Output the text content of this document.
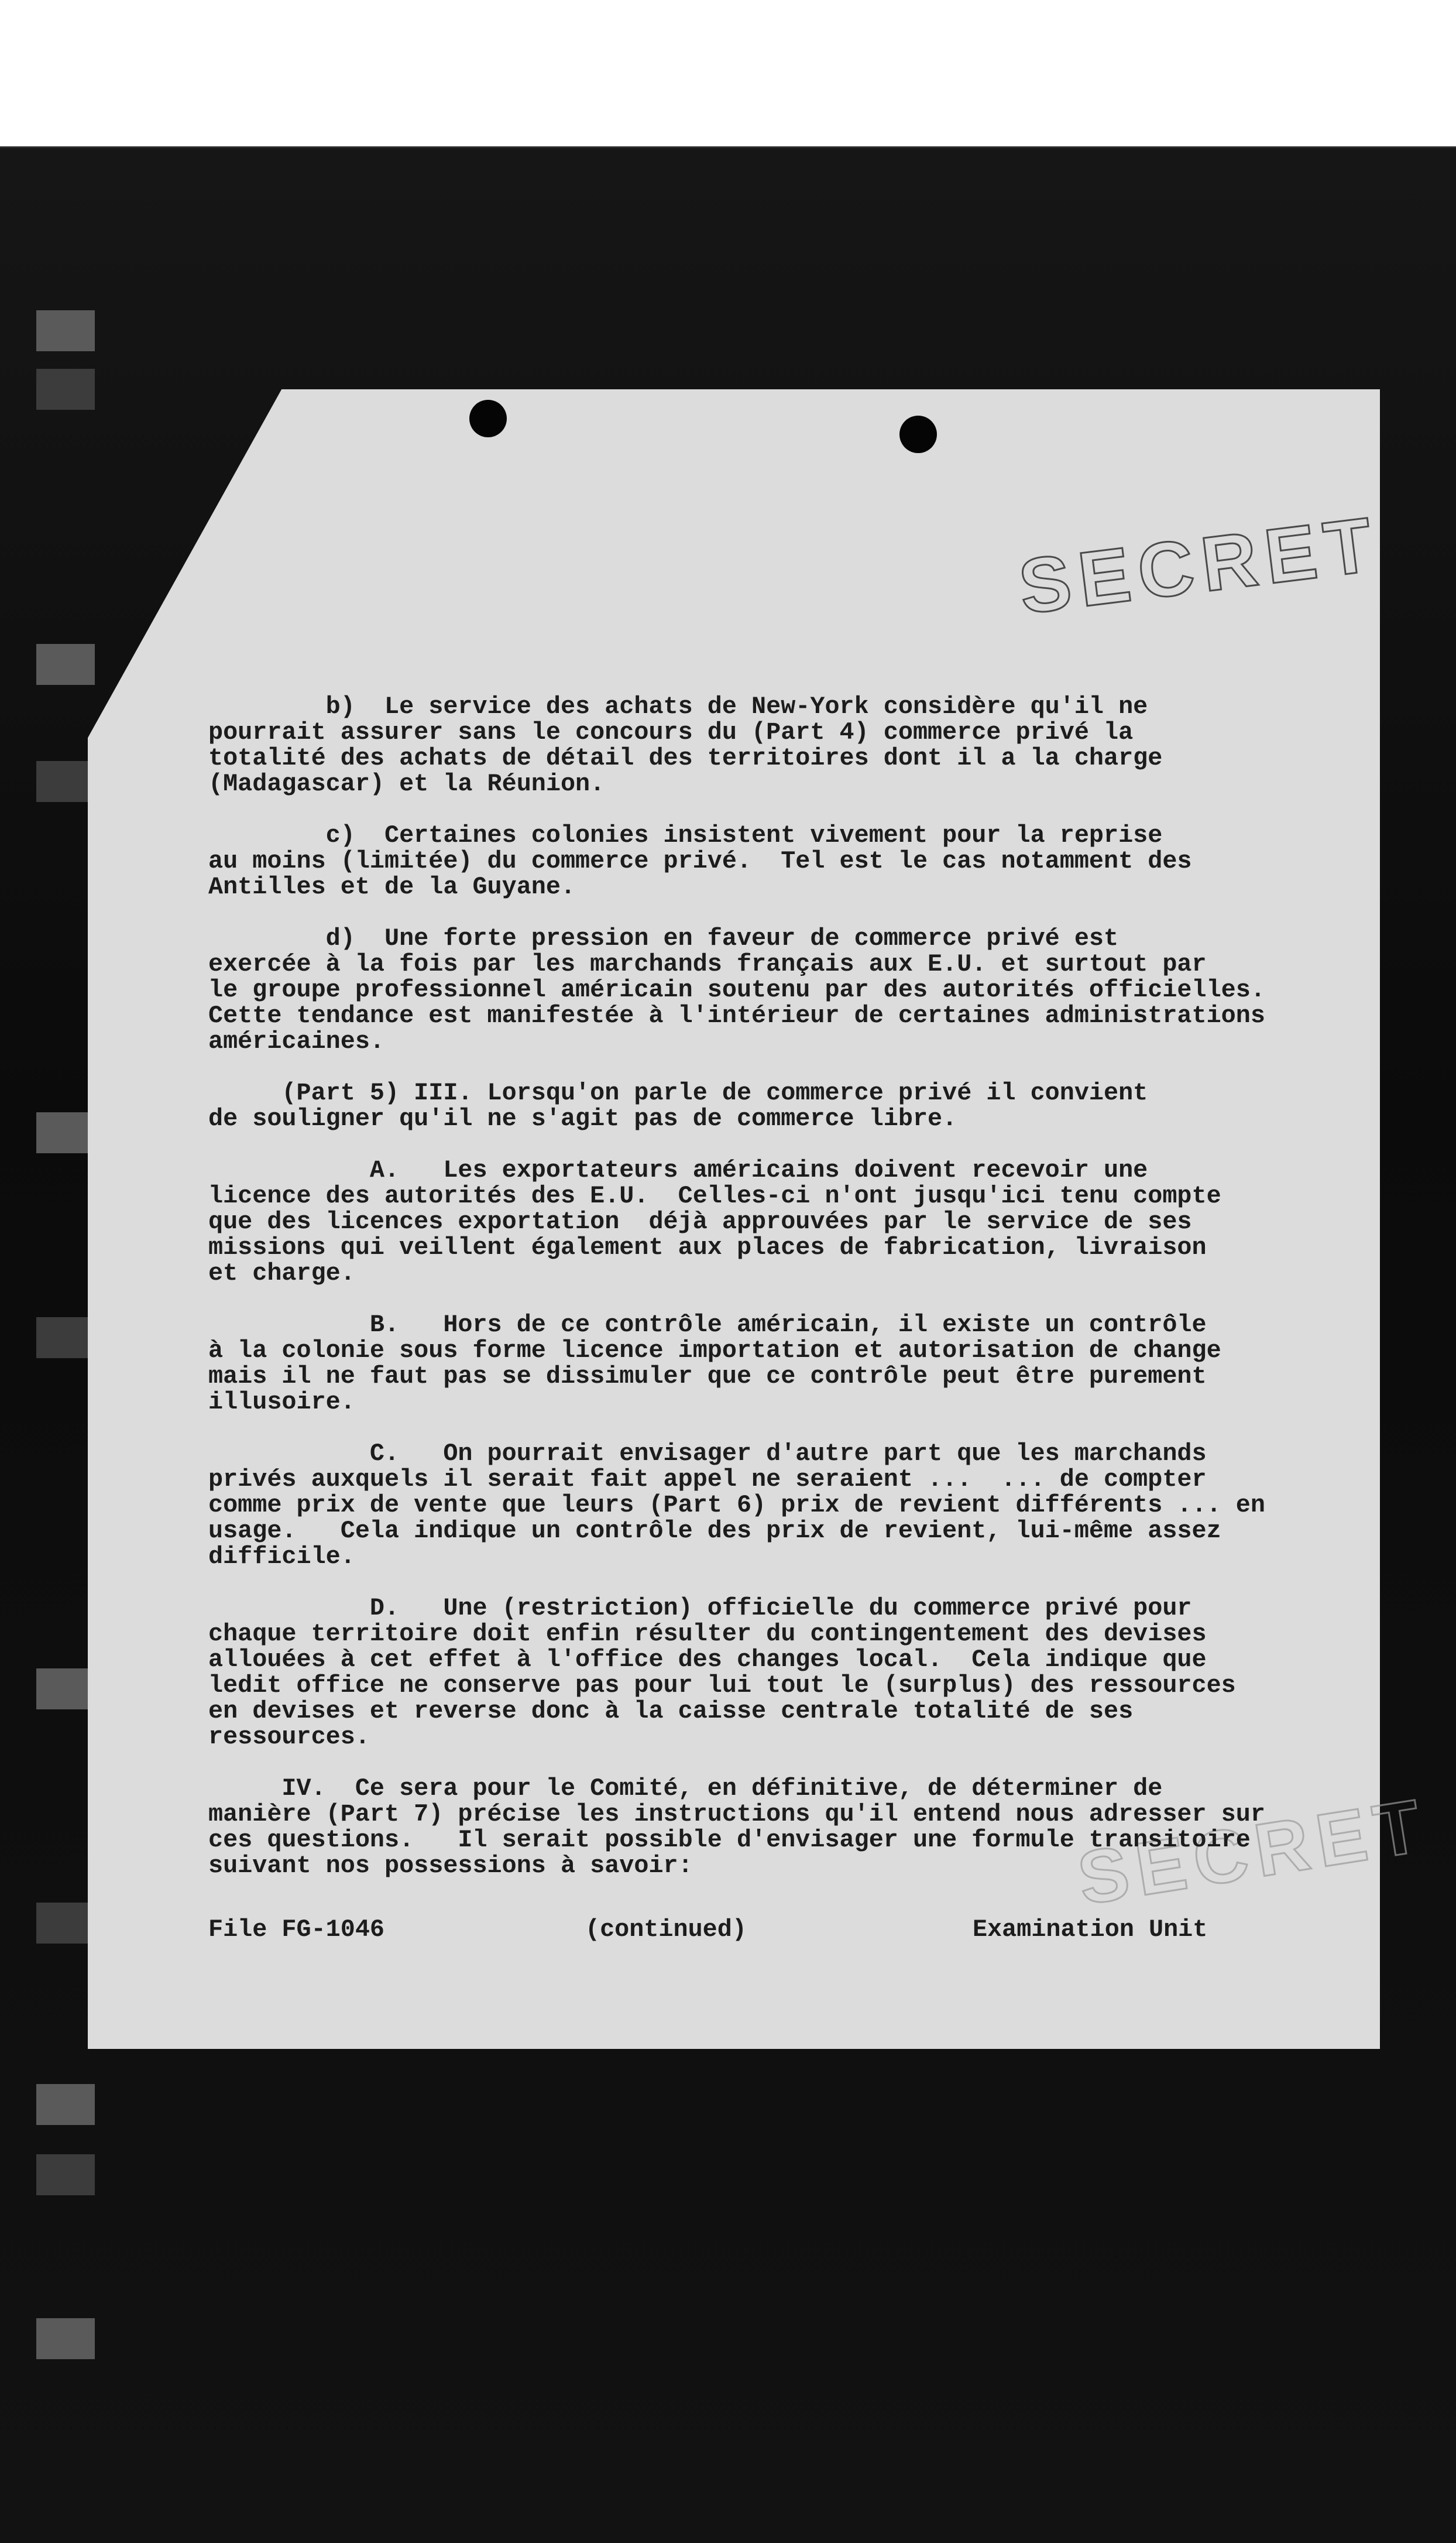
SECRET
SECRET
b)  Le service des achats de New-York considère qu'il ne
pourrait assurer sans le concours du (Part 4) commerce privé la
totalité des achats de détail des territoires dont il a la charge
(Madagascar) et la Réunion.
c)  Certaines colonies insistent vivement pour la reprise
au moins (limitée) du commerce privé.  Tel est le cas notamment des
Antilles et de la Guyane.
d)  Une forte pression en faveur de commerce privé est
exercée à la fois par les marchands français aux E.U. et surtout par
le groupe professionnel américain soutenu par des autorités officielles.
Cette tendance est manifestée à l'intérieur de certaines administrations
américaines.
(Part 5) III. Lorsqu'on parle de commerce privé il convient
de souligner qu'il ne s'agit pas de commerce libre.
A.   Les exportateurs américains doivent recevoir une
licence des autorités des E.U.  Celles-ci n'ont jusqu'ici tenu compte
que des licences exportation  déjà approuvées par le service de ses
missions qui veillent également aux places de fabrication, livraison
et charge.
B.   Hors de ce contrôle américain, il existe un contrôle
à la colonie sous forme licence importation et autorisation de change
mais il ne faut pas se dissimuler que ce contrôle peut être purement
illusoire.
C.   On pourrait envisager d'autre part que les marchands
privés auxquels il serait fait appel ne seraient ...  ... de compter
comme prix de vente que leurs (Part 6) prix de revient différents ... en
usage.   Cela indique un contrôle des prix de revient, lui-même assez
difficile.
D.   Une (restriction) officielle du commerce privé pour
chaque territoire doit enfin résulter du contingentement des devises
allouées à cet effet à l'office des changes local.  Cela indique que
ledit office ne conserve pas pour lui tout le (surplus) des ressources
en devises et reverse donc à la caisse centrale totalité de ses
ressources.
IV.  Ce sera pour le Comité, en définitive, de déterminer de
manière (Part 7) précise les instructions qu'il entend nous adresser sur
ces questions.   Il serait possible d'envisager une formule transitoire
suivant nos possessions à savoir:
File FG-1046	(continued)	Examination Unit
